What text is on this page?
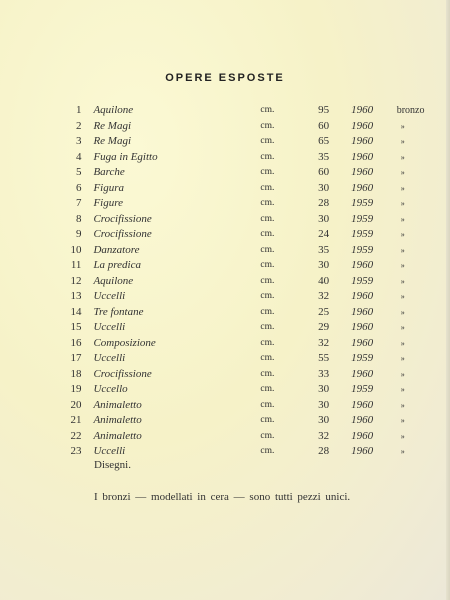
OPERE ESPOSTE
1	Aquilone	cm.	95	1960	bronzo
2	Re Magi	cm.	60	1960	»
3	Re Magi	cm.	65	1960	»
4	Fuga in Egitto	cm.	35	1960	»
5	Barche	cm.	60	1960	»
6	Figura	cm.	30	1960	»
7	Figure	cm.	28	1959	»
8	Crocifissione	cm.	30	1959	»
9	Crocifissione	cm.	24	1959	»
10	Danzatore	cm.	35	1959	»
11	La predica	cm.	30	1960	»
12	Aquilone	cm.	40	1959	»
13	Uccelli	cm.	32	1960	»
14	Tre fontane	cm.	25	1960	»
15	Uccelli	cm.	29	1960	»
16	Composizione	cm.	32	1960	»
17	Uccelli	cm.	55	1959	»
18	Crocifissione	cm.	33	1960	»
19	Uccello	cm.	30	1959	»
20	Animaletto	cm.	30	1960	»
21	Animaletto	cm.	30	1960	»
22	Animaletto	cm.	32	1960	»
23	Uccelli	cm.	28	1960	»
Disegni.
I bronzi — modellati in cera — sono tutti pezzi unici.
